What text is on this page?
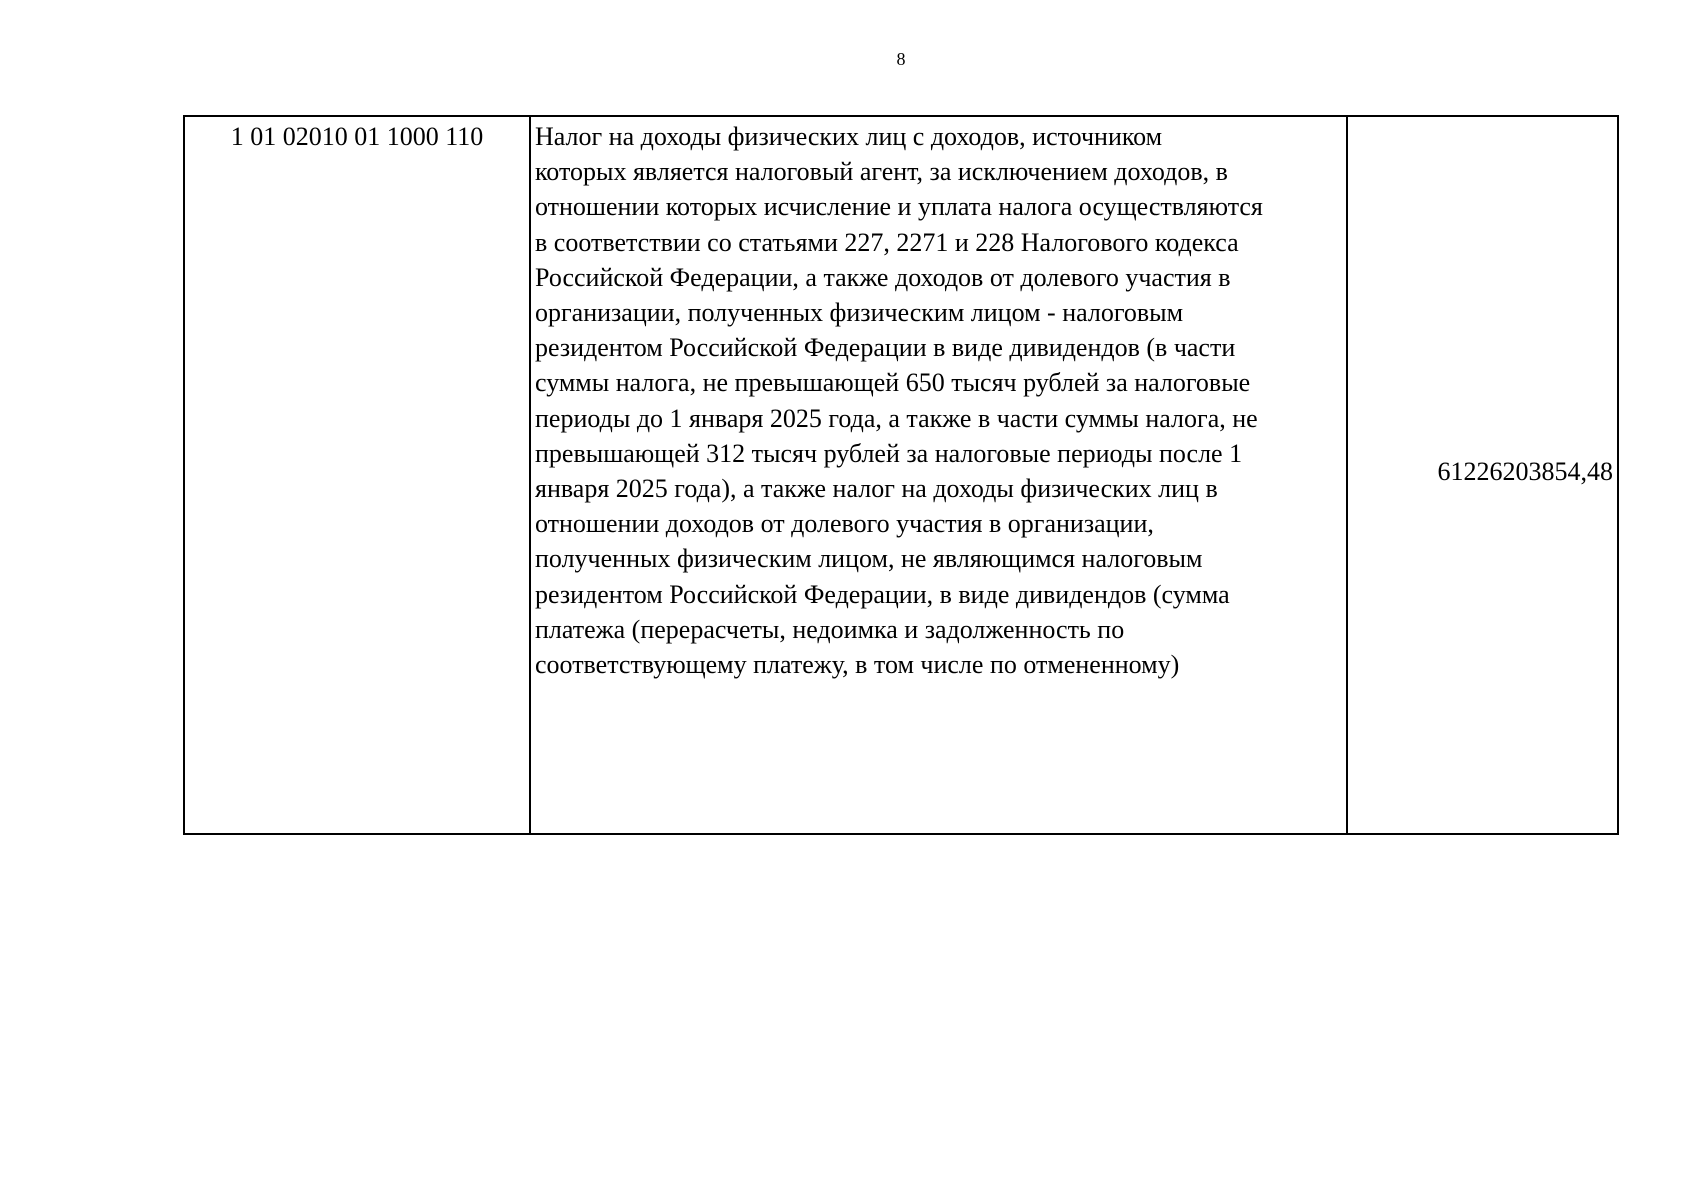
8
1 01 02010 01 1000 110	Налог на доходы физических лиц с доходов, источником
которых является налоговый агент, за исключением доходов, в
отношении которых исчисление и уплата налога осуществляются
в соответствии со статьями 227, 2271 и 228 Налогового кодекса
Российской Федерации, а также доходов от долевого участия в
организации, полученных физическим лицом - налоговым
резидентом Российской Федерации в виде дивидендов (в части
суммы налога, не превышающей 650 тысяч рублей за налоговые
периоды до 1 января 2025 года, а также в части суммы налога, не
превышающей 312 тысяч рублей за налоговые периоды после 1
января 2025 года), а также налог на доходы физических лиц в
отношении доходов от долевого участия в организации,
полученных физическим лицом, не являющимся налоговым
резидентом Российской Федерации, в виде дивидендов (сумма
платежа (перерасчеты, недоимка и задолженность по
соответствующему платежу, в том числе по отмененному)
	61226203854,48
